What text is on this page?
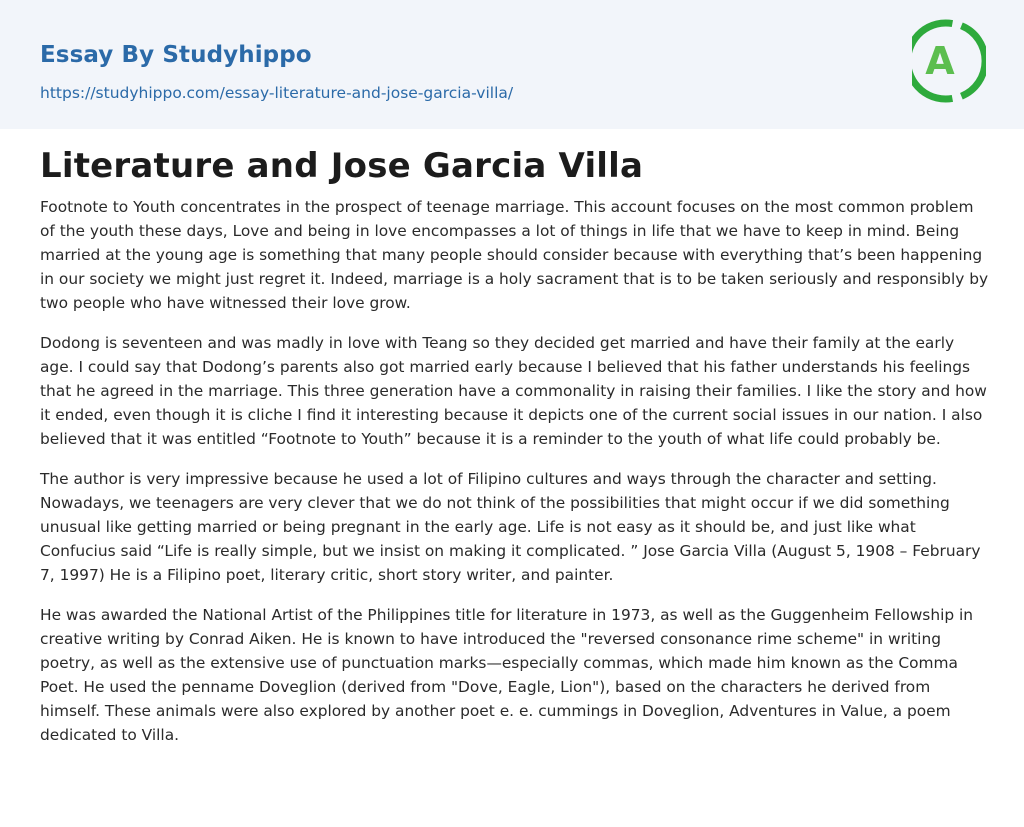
Essay By Studyhippo
https://studyhippo.com/essay-literature-and-jose-garcia-villa/
A
Literature and Jose Garcia Villa

Footnote to Youth concentrates in the prospect of teenage marriage. This account focuses on the most common problem of the youth these days, Love and being in love encompasses a lot of things in life that we have to keep in mind. Being married at the young age is something that many people should consider because with everything that’s been happening in our society we might just regret it. Indeed, marriage is a holy sacrament that is to be taken seriously and responsibly by two people who have witnessed their love grow.

Dodong is seventeen and was madly in love with Teang so they decided get married and have their family at the early age. I could say that Dodong’s parents also got married early because I believed that his father understands his feelings that he agreed in the marriage. This three generation have a commonality in raising their families. I like the story and how it ended, even though it is cliche I find it interesting because it depicts one of the current social issues in our nation. I also believed that it was entitled “Footnote to Youth” because it is a reminder to the youth of what life could probably be.

The author is very impressive because he used a lot of Filipino cultures and ways through the character and setting. Nowadays, we teenagers are very clever that we do not think of the possibilities that might occur if we did something unusual like getting married or being pregnant in the early age. Life is not easy as it should be, and just like what Confucius said “Life is really simple, but we insist on making it complicated. ” Jose Garcia Villa (August 5, 1908 – February 7, 1997) He is a Filipino poet, literary critic, short story writer, and painter.

He was awarded the National Artist of the Philippines title for literature in 1973, as well as the Guggenheim Fellowship in creative writing by Conrad Aiken. He is known to have introduced the "reversed consonance rime scheme" in writing poetry, as well as the extensive use of punctuation marks—especially commas, which made him known as the Comma Poet. He used the penname Doveglion (derived from "Dove, Eagle, Lion"), based on the characters he derived from himself. These animals were also explored by another poet e. e. cummings in Doveglion, Adventures in Value, a poem dedicated to Villa.
